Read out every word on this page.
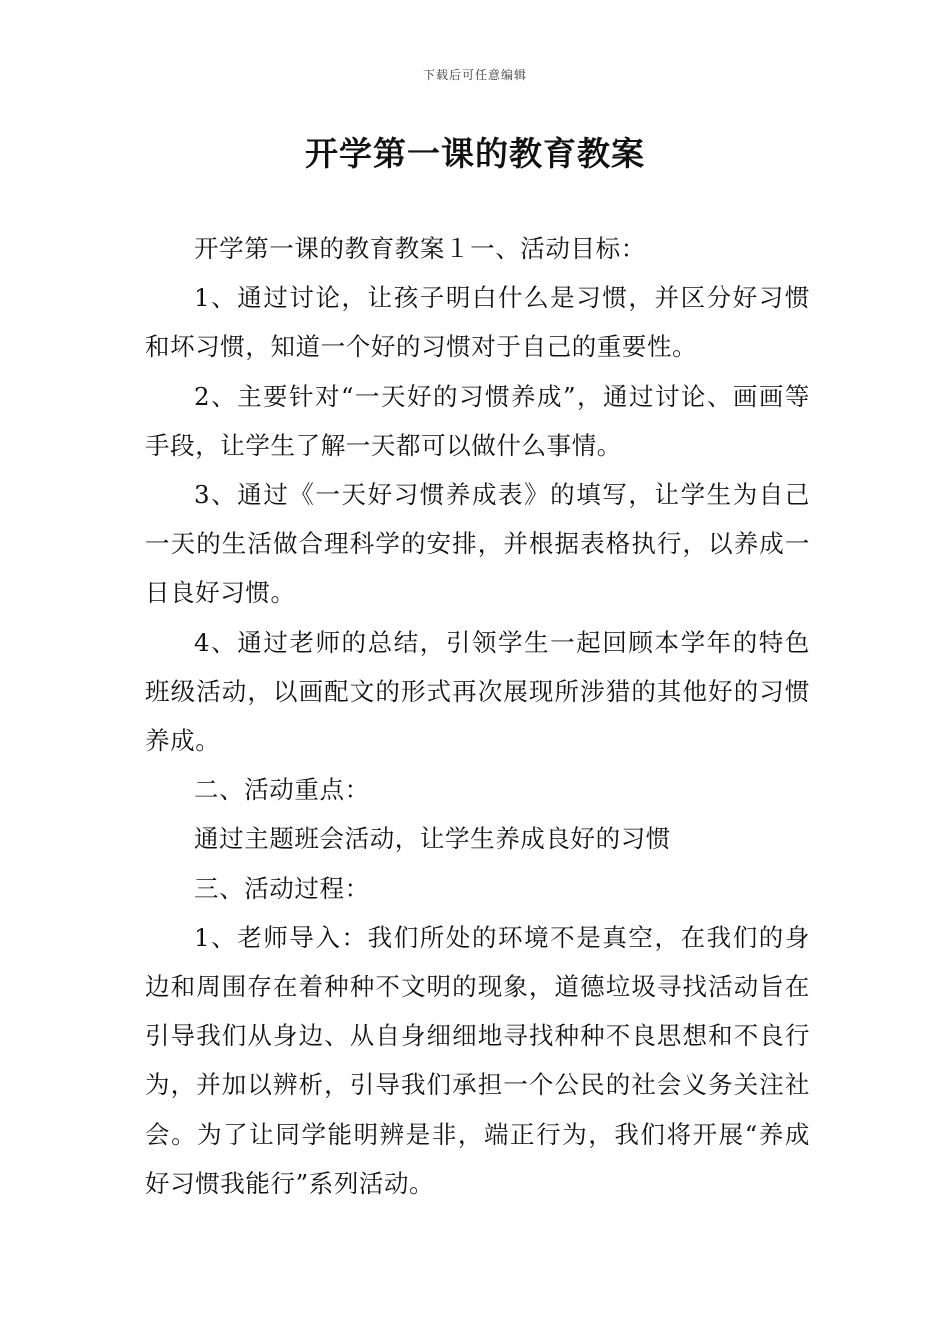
下载后可任意编辑
开学第一课的教育教案

开学第一课的教育教案１一、活动目标：

1、通过讨论，让孩子明白什么是习惯，并区分好习惯和坏习惯，知道一个好的习惯对于自己的重要性。

2、主要针对“一天好的习惯养成”，通过讨论、画画等手段，让学生了解一天都可以做什么事情。

3、通过《一天好习惯养成表》的填写，让学生为自己一天的生活做合理科学的安排，并根据表格执行，以养成一日良好习惯。

4、通过老师的总结，引领学生一起回顾本学年的特色班级活动，以画配文的形式再次展现所涉猎的其他好的习惯养成。

二、活动重点：

通过主题班会活动，让学生养成良好的习惯

三、活动过程：

1、老师导入：我们所处的环境不是真空，在我们的身边和周围存在着种种不文明的现象，道德垃圾寻找活动旨在引导我们从身边、从自身细细地寻找种种不良思想和不良行为，并加以辨析，引导我们承担一个公民的社会义务关注社会。为了让同学能明辨是非，端正行为，我们将开展“养成好习惯我能行”系列活动。
